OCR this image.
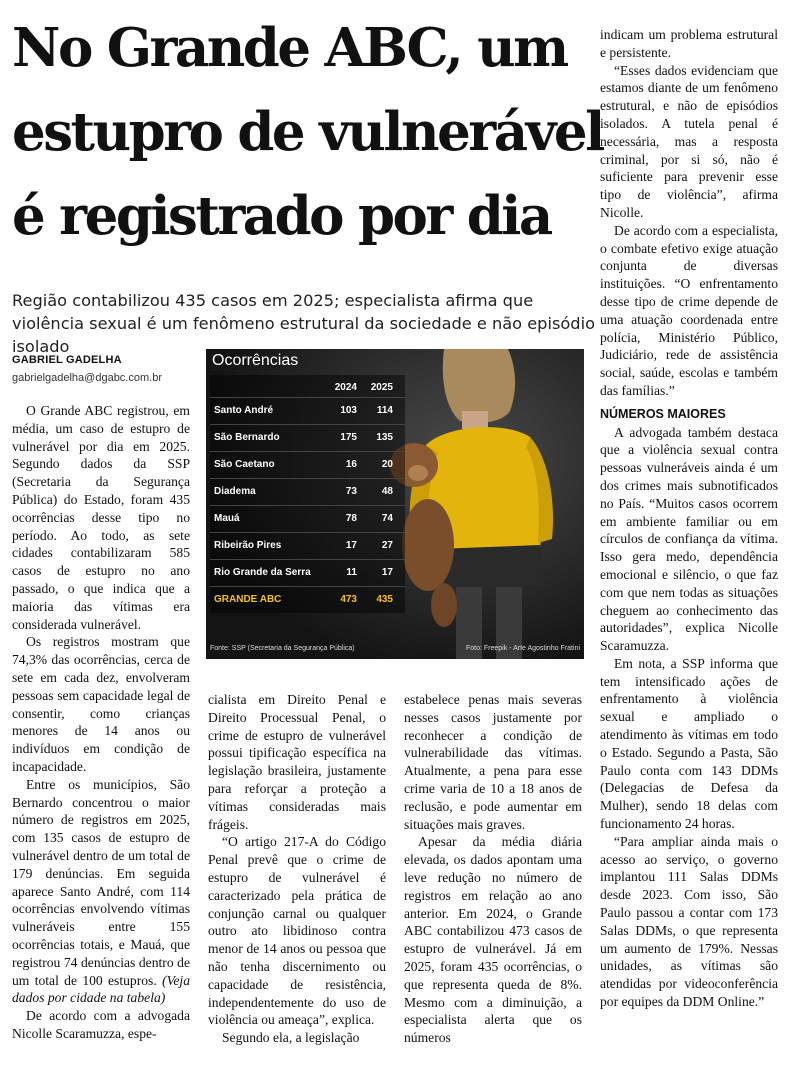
No Grande ABC, um
estupro de vulnerável
é registrado por dia
Região contabilizou 435 casos em 2025; especialista afirma que violência sexual é um fenômeno estrutural da sociedade e não episódio isolado
GABRIEL GADELHA
gabrielgadelha@dgabc.com.br
Ocorrências
2024 2025
Santo André	103 114
São Bernardo	175 135
São Caetano	16 20
Diadema	73 48
Mauá	78 74
Ribeirão Pires	17 27
Rio Grande da Serra	11 17
GRANDE ABC	473 435
Fonte: SSP (Secretaria da Segurança Pública)	Foto: Freepik - Arte Agostinho Fratini

O Grande ABC registrou, em média, um caso de estupro de vulnerável por dia em 2025. Segundo dados da SSP (Secretaria da Segurança Pública) do Estado, foram 435 ocorrências desse tipo no período. Ao todo, as sete cidades contabilizaram 585 casos de estupro no ano passado, o que indica que a maioria das vítimas era considerada vulnerável.

Os registros mostram que 74,3% das ocorrências, cerca de sete em cada dez, envolveram pessoas sem capacidade legal de consentir, como crianças menores de 14 anos ou indivíduos em condição de incapacidade.

Entre os municípios, São Bernardo concentrou o maior número de registros em 2025, com 135 casos de estupro de vulnerável dentro de um total de 179 denúncias. Em seguida aparece Santo André, com 114 ocorrências envolvendo vítimas vulneráveis entre 155 ocorrências totais, e Mauá, que registrou 74 denúncias dentro de um total de 100 estupros. (Veja dados por cidade na tabela)

De acordo com a advogada Nicolle Scaramuzza, espe-

cialista em Direito Penal e Direito Processual Penal, o crime de estupro de vulnerável possui tipificação específica na legislação brasileira, justamente para reforçar a proteção a vítimas consideradas mais frágeis.

“O artigo 217-A do Código Penal prevê que o crime de estupro de vulnerável é caracterizado pela prática de conjunção carnal ou qualquer outro ato libidinoso contra menor de 14 anos ou pessoa que não tenha discernimento ou capacidade de resistência, independentemente do uso de violência ou ameaça”, explica.

Segundo ela, a legislação

estabelece penas mais severas nesses casos justamente por reconhecer a condição de vulnerabilidade das vítimas. Atualmente, a pena para esse crime varia de 10 a 18 anos de reclusão, e pode aumentar em situações mais graves.

Apesar da média diária elevada, os dados apontam uma leve redução no número de registros em relação ao ano anterior. Em 2024, o Grande ABC contabilizou 473 casos de estupro de vulnerável. Já em 2025, foram 435 ocorrências, o que representa queda de 8%. Mesmo com a diminuição, a especialista alerta que os números

indicam um problema estrutural e persistente.

“Esses dados evidenciam que estamos diante de um fenômeno estrutural, e não de episódios isolados. A tutela penal é necessária, mas a resposta criminal, por si só, não é suficiente para prevenir esse tipo de violência”, afirma Nicolle.

De acordo com a especialista, o combate efetivo exige atuação conjunta de diversas instituições. “O enfrentamento desse tipo de crime depende de uma atuação coordenada entre polícia, Ministério Público, Judiciário, rede de assistência social, saúde, escolas e também das famílias.”

NÚMEROS MAIORES

A advogada também destaca que a violência sexual contra pessoas vulneráveis ainda é um dos crimes mais subnotificados no País. “Muitos casos ocorrem em ambiente familiar ou em círculos de confiança da vítima. Isso gera medo, dependência emocional e silêncio, o que faz com que nem todas as situações cheguem ao conhecimento das autoridades”, explica Nicolle Scaramuzza.

Em nota, a SSP informa que tem intensificado ações de enfrentamento à violência sexual e ampliado o atendimento às vítimas em todo o Estado. Segundo a Pasta, São Paulo conta com 143 DDMs (Delegacias de Defesa da Mulher), sendo 18 delas com funcionamento 24 horas.

“Para ampliar ainda mais o acesso ao serviço, o governo implantou 111 Salas DDMs desde 2023. Com isso, São Paulo passou a contar com 173 Salas DDMs, o que representa um aumento de 179%. Nessas unidades, as vítimas são atendidas por videoconferência por equipes da DDM Online.”
